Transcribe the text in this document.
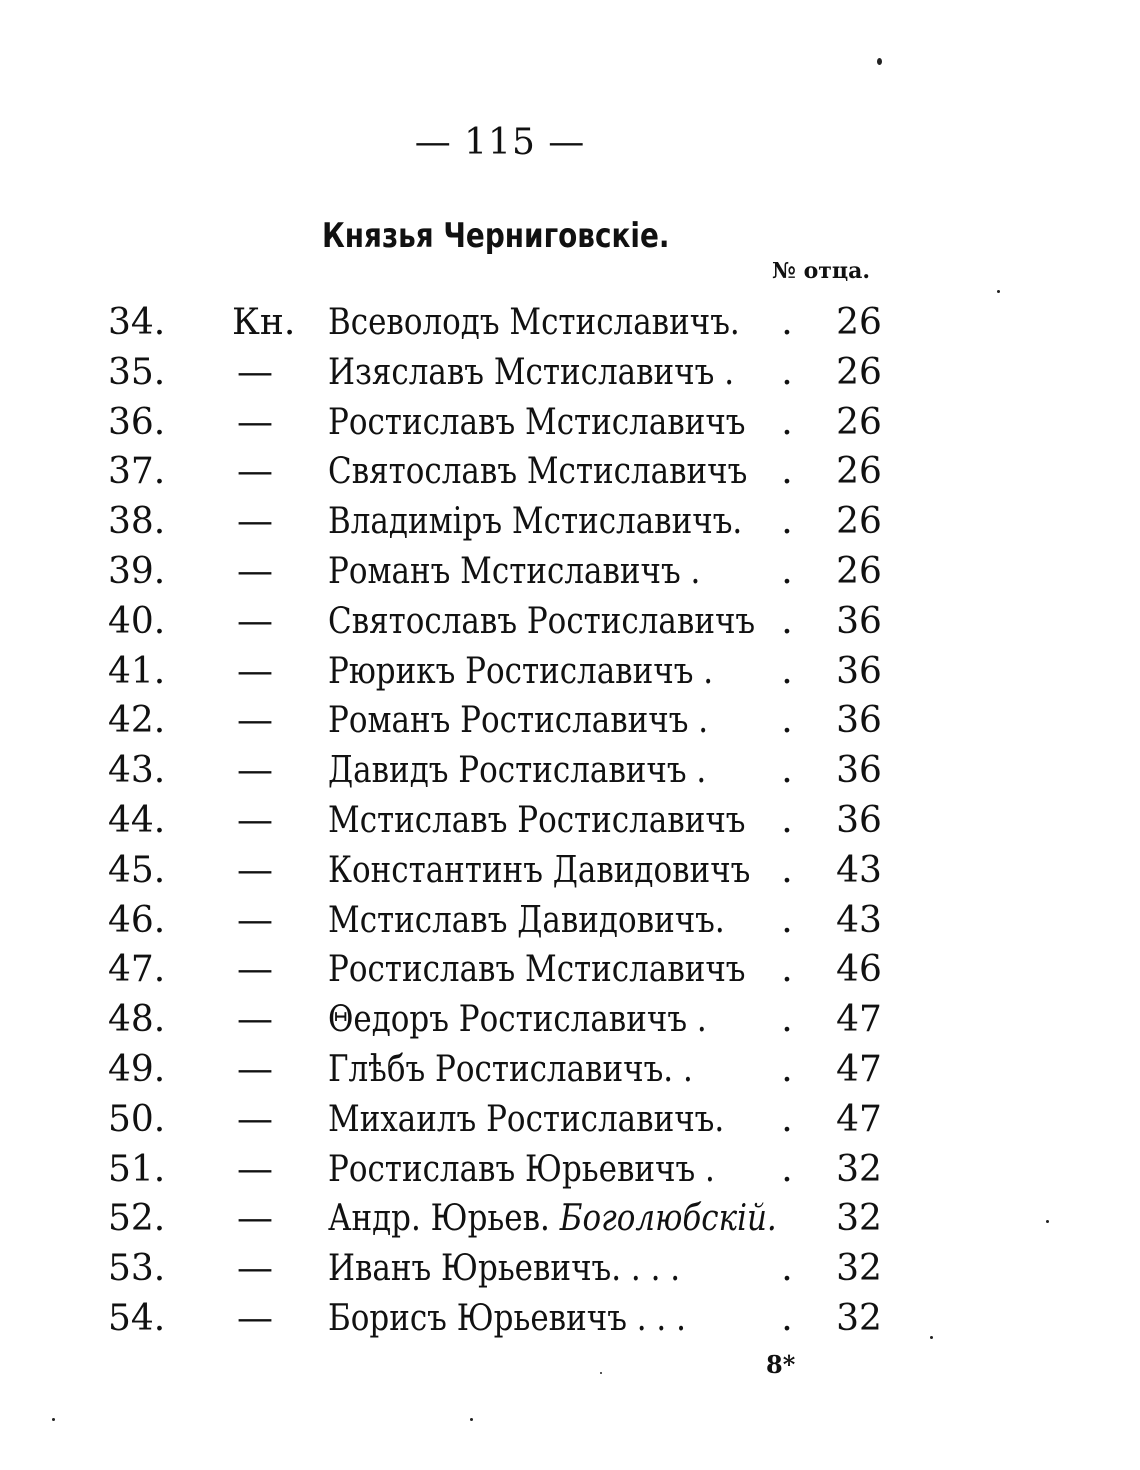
— 115 —
Князья Черниговскіе.
№ отца.
34. Кн. Всеволодъ Мстиславичъ. . 26
35. — Изяславъ Мстиславичъ . . 26
36. — Ростиславъ Мстиславичъ . 26
37. — Святославъ Мстиславичъ . 26
38. — Владиміръ Мстиславичъ. . 26
39. — Романъ Мстиславичъ . . 26
40. — Святославъ Ростиславичъ . 36
41. — Рюрикъ Ростиславичъ . . 36
42. — Романъ Ростиславичъ . . 36
43. — Давидъ Ростиславичъ . . 36
44. — Мстиславъ Ростиславичъ . 36
45. — Константинъ Давидовичъ . 43
46. — Мстиславъ Давидовичъ. . 43
47. — Ростиславъ Мстиславичъ . 46
48. — Θедоръ Ростиславичъ . . 47
49. — Глѣбъ Ростиславичъ. . . 47
50. — Михаилъ Ростиславичъ. . 47
51. — Ростиславъ Юрьевичъ . . 32
52. — Андр. Юрьев. Боголюбскій. 32
53. — Иванъ Юрьевичъ. . . .	. 32
54. — Борисъ Юрьевичъ . . .	. 32
8*
